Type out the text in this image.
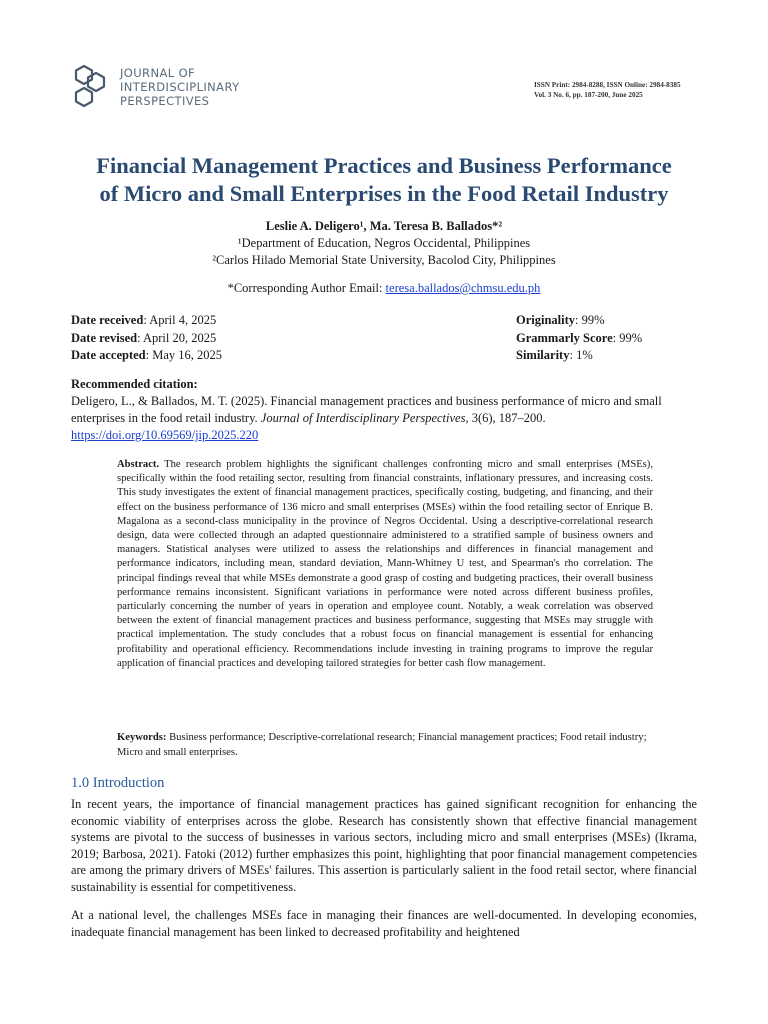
JOURNAL OF
INTERDISCIPLINARY
PERSPECTIVES
ISSN Print: 2984-8288, ISSN Online: 2984-8385
Vol. 3 No. 6, pp. 187-200, June 2025
Financial Management Practices and Business Performance
of Micro and Small Enterprises in the Food Retail Industry
Leslie A. Deligero¹, Ma. Teresa B. Ballados*²
¹Department of Education, Negros Occidental, Philippines
²Carlos Hilado Memorial State University, Bacolod City, Philippines
*Corresponding Author Email: teresa.ballados@chmsu.edu.ph
Date received: April 4, 2025
Date revised: April 20, 2025
Date accepted: May 16, 2025
Originality: 99%
Grammarly Score: 99%
Similarity: 1%
Recommended citation:
Deligero, L., & Ballados, M. T. (2025). Financial management practices and business performance of micro and small enterprises in the food retail industry. Journal of Interdisciplinary Perspectives, 3(6), 187–200.
https://doi.org/10.69569/jip.2025.220
Abstract. The research problem highlights the significant challenges confronting micro and small enterprises (MSEs), specifically within the food retailing sector, resulting from financial constraints, inflationary pressures, and increasing costs. This study investigates the extent of financial management practices, specifically costing, budgeting, and financing, and their effect on the business performance of 136 micro and small enterprises (MSEs) within the food retailing sector of Enrique B. Magalona as a second-class municipality in the province of Negros Occidental. Using a descriptive-correlational research design, data were collected through an adapted questionnaire administered to a stratified sample of business owners and managers. Statistical analyses were utilized to assess the relationships and differences in financial management and performance indicators, including mean, standard deviation, Mann-Whitney U test, and Spearman's rho correlation. The principal findings reveal that while MSEs demonstrate a good grasp of costing and budgeting practices, their overall business performance remains inconsistent. Significant variations in performance were noted across different business profiles, particularly concerning the number of years in operation and employee count. Notably, a weak correlation was observed between the extent of financial management practices and business performance, suggesting that MSEs may struggle with practical implementation. The study concludes that a robust focus on financial management is essential for enhancing profitability and operational efficiency. Recommendations include investing in training programs to improve the regular application of financial practices and developing tailored strategies for better cash flow management.
Keywords: Business performance; Descriptive-correlational research; Financial management practices; Food retail industry; Micro and small enterprises.
1.0 Introduction
In recent years, the importance of financial management practices has gained significant recognition for enhancing the economic viability of enterprises across the globe. Research has consistently shown that effective financial management systems are pivotal to the success of businesses in various sectors, including micro and small enterprises (MSEs) (Ikrama, 2019; Barbosa, 2021). Fatoki (2012) further emphasizes this point, highlighting that poor financial management competencies are among the primary drivers of MSEs' failures. This assertion is particularly salient in the food retail sector, where financial sustainability is essential for competitiveness.
At a national level, the challenges MSEs face in managing their finances are well-documented. In developing economies, inadequate financial management has been linked to decreased profitability and heightened
